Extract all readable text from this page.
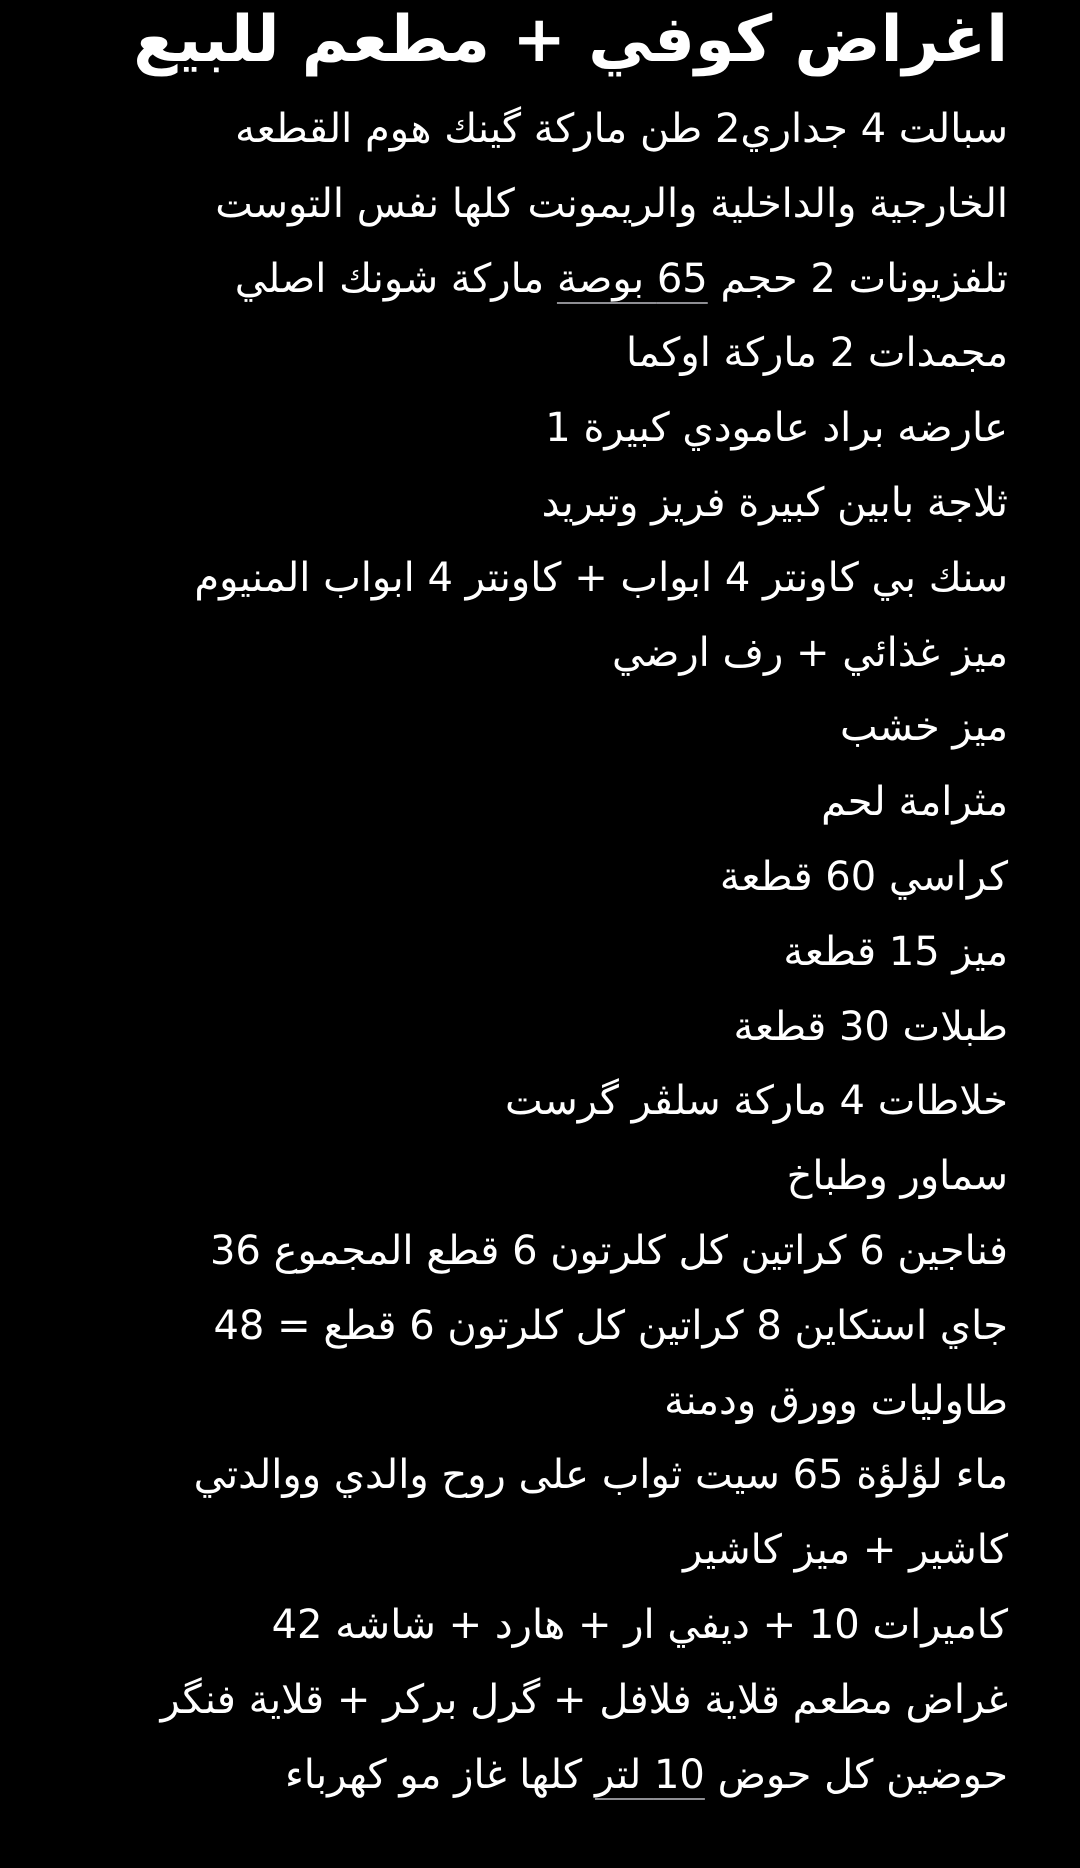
اغراض كوفي + مطعم للبيع
سبالت 4 جداري2 طن ماركة گينك هوم القطعه
الخارجية والداخلية والريمونت كلها نفس التوست
تلفزيونات 2 حجم 65 بوصة ماركة شونك اصلي
مجمدات 2 ماركة اوكما
عارضه براد عامودي كبيرة 1
ثلاجة بابين كبيرة فريز وتبريد
سنك بي كاونتر 4 ابواب + كاونتر 4 ابواب المنيوم
ميز غذائي + رف ارضي
ميز خشب
مثرامة لحم
كراسي 60 قطعة
ميز 15 قطعة
طبلات 30 قطعة
خلاطات 4 ماركة سلڤر گرست
سماور وطباخ
فناجين 6 كراتين كل كلرتون 6 قطع المجموع 36
جاي استكاين 8 كراتين كل كلرتون 6 قطع = 48
طاوليات وورق ودمنة
ماء لؤلؤة 65 سيت ثواب على روح والدي ووالدتي
كاشير + ميز كاشير
كاميرات 10 + ديفي ار + هارد + شاشه 42
غراض مطعم قلاية فلافل + گرل بركر + قلاية فنگر
حوضين كل حوض 10 لتر كلها غاز مو كهرباء
